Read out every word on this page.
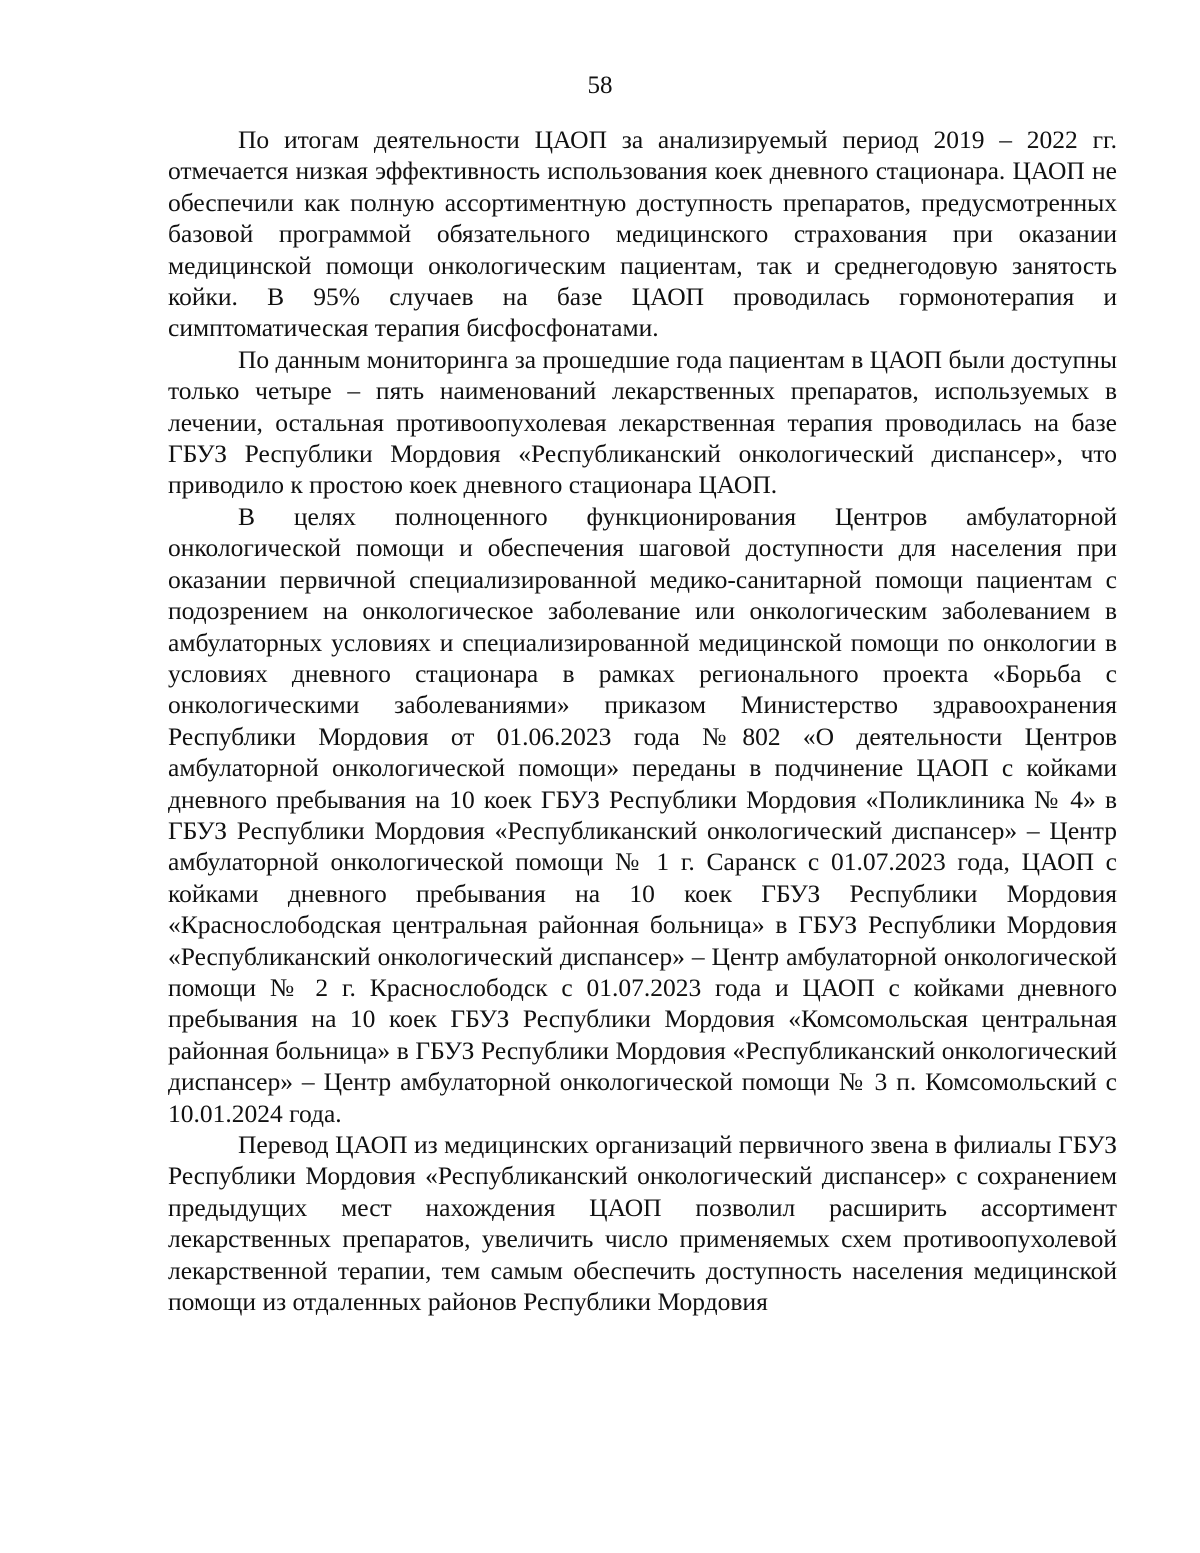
58

По итогам деятельности ЦАОП за анализируемый период 2019 – 2022 гг. отмечается низкая эффективность использования коек дневного стационара. ЦАОП не обеспечили как полную ассортиментную доступность препаратов, предусмотренных базовой программой обязательного медицинского страхования при оказании медицинской помощи онкологическим пациентам, так и среднегодовую занятость койки. В 95% случаев на базе ЦАОП проводилась гормонотерапия и симптоматическая терапия бисфосфонатами.

По данным мониторинга за прошедшие года пациентам в ЦАОП были доступны только четыре – пять наименований лекарственных препаратов, используемых в лечении, остальная противоопухолевая лекарственная терапия проводилась на базе ГБУЗ Республики Мордовия «Республиканский онкологический диспансер», что приводило к простою коек дневного стационара ЦАОП.

В целях полноценного функционирования Центров амбулаторной онкологической помощи и обеспечения шаговой доступности для населения при оказании первичной специализированной медико-санитарной помощи пациентам с подозрением на онкологическое заболевание или онкологическим заболеванием в амбулаторных условиях и специализированной медицинской помощи по онкологии в условиях дневного стационара в рамках регионального проекта «Борьба с онкологическими заболеваниями» приказом Министерство здравоохранения Республики Мордовия от 01.06.2023 года №802 «О деятельности Центров амбулаторной онкологической помощи» переданы в подчинение ЦАОП с койками дневного пребывания на 10 коек ГБУЗ Республики Мордовия «Поликлиника № 4» в ГБУЗ Республики Мордовия «Республиканский онкологический диспансер» – Центр амбулаторной онкологической помощи № 1 г. Саранск с 01.07.2023 года, ЦАОП с койками дневного пребывания на 10 коек ГБУЗ Республики Мордовия «Краснослободская центральная районная больница» в ГБУЗ Республики Мордовия «Республиканский онкологический диспансер» – Центр амбулаторной онкологической помощи № 2 г. Краснослободск с 01.07.2023 года и ЦАОП с койками дневного пребывания на 10 коек ГБУЗ Республики Мордовия «Комсомольская центральная районная больница» в ГБУЗ Республики Мордовия «Республиканский онкологический диспансер» – Центр амбулаторной онкологической помощи № 3 п. Комсомольский с 10.01.2024 года.

Перевод ЦАОП из медицинских организаций первичного звена в филиалы ГБУЗ Республики Мордовия «Республиканский онкологический диспансер» с сохранением предыдущих мест нахождения ЦАОП позволил расширить ассортимент лекарственных препаратов, увеличить число применяемых схем противоопухолевой лекарственной терапии, тем самым обеспечить доступность населения медицинской помощи из отдаленных районов Республики Мордовия
